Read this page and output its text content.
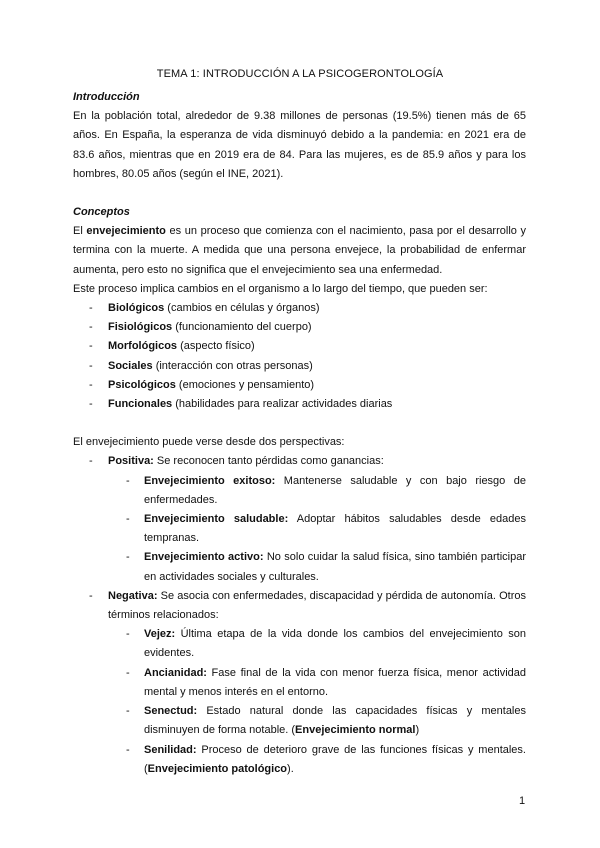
TEMA 1: INTRODUCCIÓN A LA PSICOGERONTOLOGÍA

Introducción

En la población total, alrededor de 9.38 millones de personas (19.5%) tienen más de 65 años. En España, la esperanza de vida disminuyó debido a la pandemia: en 2021 era de 83.6 años, mientras que en 2019 era de 84. Para las mujeres, es de 85.9 años y para los hombres, 80.05 años (según el INE, 2021).

Conceptos

El envejecimiento es un proceso que comienza con el nacimiento, pasa por el desarrollo y termina con la muerte. A medida que una persona envejece, la probabilidad de enfermar aumenta, pero esto no significa que el envejecimiento sea una enfermedad.

Este proceso implica cambios en el organismo a lo largo del tiempo, que pueden ser:

- Biológicos (cambios en células y órganos)
- Fisiológicos (funcionamiento del cuerpo)
- Morfológicos (aspecto físico)
- Sociales (interacción con otras personas)
- Psicológicos (emociones y pensamiento)
- Funcionales (habilidades para realizar actividades diarias

El envejecimiento puede verse desde dos perspectivas:

- Positiva: Se reconocen tanto pérdidas como ganancias:
- Envejecimiento exitoso: Mantenerse saludable y con bajo riesgo de enfermedades.
- Envejecimiento saludable: Adoptar hábitos saludables desde edades tempranas.
- Envejecimiento activo: No solo cuidar la salud física, sino también participar en actividades sociales y culturales.
- Negativa: Se asocia con enfermedades, discapacidad y pérdida de autonomía. Otros términos relacionados:
- Vejez: Última etapa de la vida donde los cambios del envejecimiento son evidentes.
- Ancianidad: Fase final de la vida con menor fuerza física, menor actividad mental y menos interés en el entorno.
- Senectud: Estado natural donde las capacidades físicas y mentales disminuyen de forma notable. (Envejecimiento normal)
- Senilidad: Proceso de deterioro grave de las funciones físicas y mentales. (Envejecimiento patológico).
1
